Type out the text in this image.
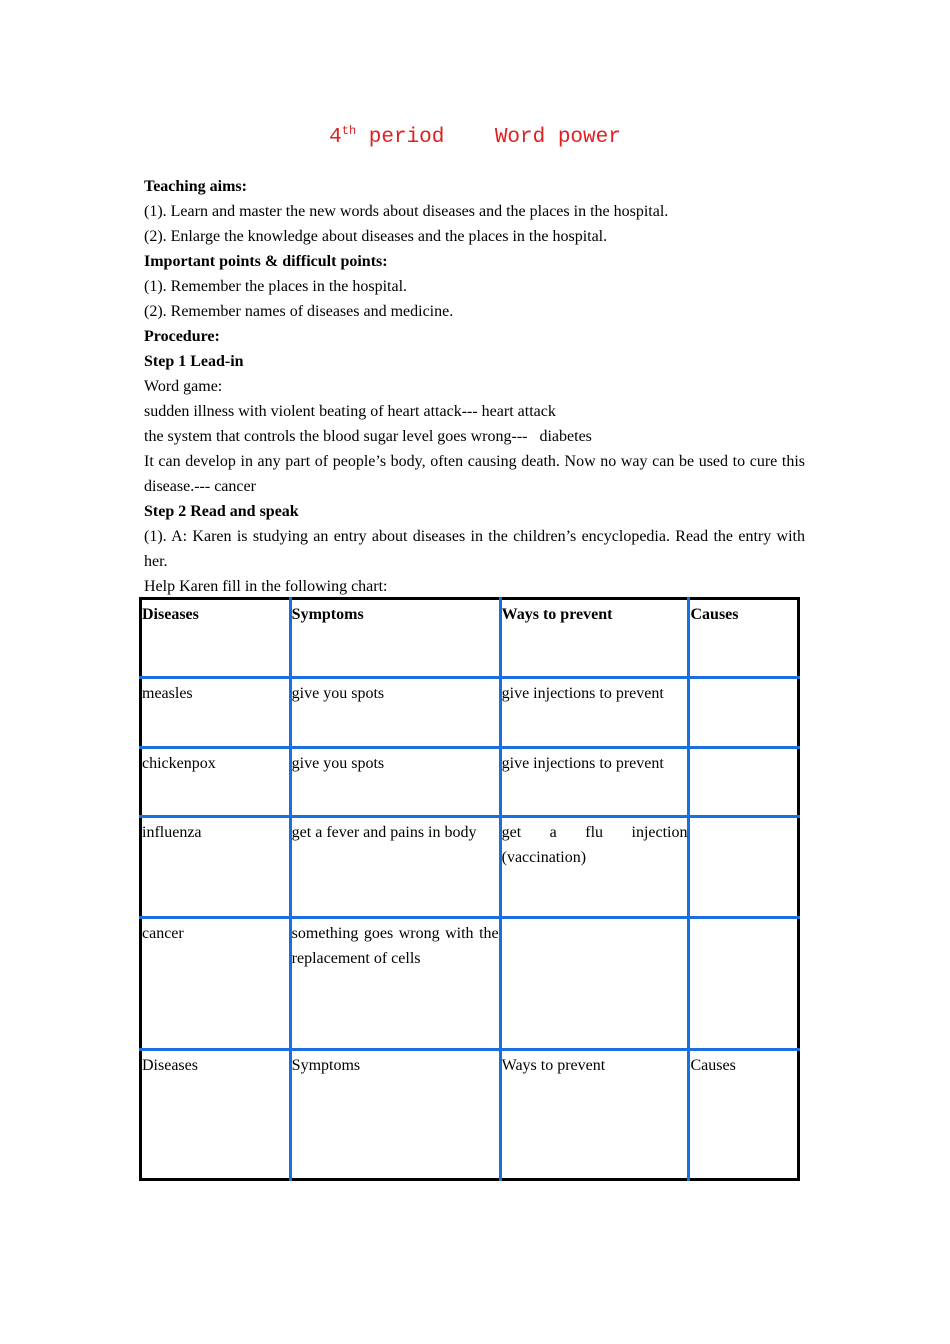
4th period Word power

Teaching aims:

(1). Learn and master the new words about diseases and the places in the hospital.

(2). Enlarge the knowledge about diseases and the places in the hospital.

Important points & difficult points:

(1). Remember the places in the hospital.

(2). Remember names of diseases and medicine.

Procedure:

Step 1 Lead-in

Word game:

sudden illness with violent beating of heart attack--- heart attack

the system that controls the blood sugar level goes wrong---   diabetes

It can develop in any part of people’s body, often causing death. Now no way can be used to cure this disease.--- cancer

Step 2 Read and speak

(1). A: Karen is studying an entry about diseases in the children’s encyclopedia. Read the entry with her.

Help Karen fill in the following chart:

Diseases	Symptoms	Ways to prevent	Causes
measles	give you spots	give injections to prevent	
chickenpox	give you spots	give injections to prevent	
influenza	get a fever and pains in body	get a flu injection (vaccination)	
cancer	something goes wrong with the replacement of cells		
Diseases	Symptoms	Ways to prevent	Causes
